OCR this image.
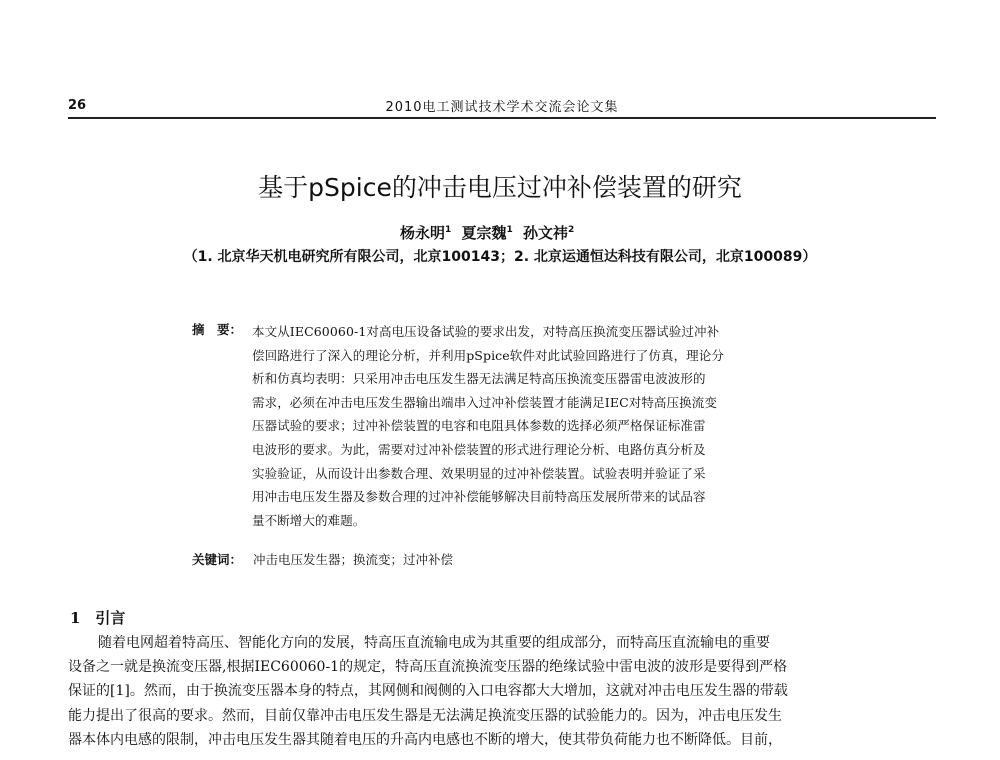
26	2010电工测试技术学术交流会论文集
基于pSpice的冲击电压过冲补偿装置的研究
杨永明$^1$ 夏宗魏$^1$ 孙文祎$^2$
（1. 北京华天机电研究所有限公司，北京100143；2. 北京运通恒达科技有限公司，北京100089）
摘　要： 本文从IEC60060-1对高电压设备试验的要求出发，对特高压换流变压器试验过冲补
偿回路进行了深入的理论分析，并利用pSpice软件对此试验回路进行了仿真，理论分
析和仿真均表明：只采用冲击电压发生器无法满足特高压换流变压器雷电波波形的
需求，必须在冲击电压发生器输出端串入过冲补偿装置才能满足IEC对特高压换流变
压器试验的要求；过冲补偿装置的电容和电阻具体参数的选择必须严格保证标准雷
电波形的要求。为此，需要对过冲补偿装置的形式进行理论分析、电路仿真分析及
实验验证，从而设计出参数合理、效果明显的过冲补偿装置。试验表明并验证了采
用冲击电压发生器及参数合理的过冲补偿能够解决目前特高压发展所带来的试品容
量不断增大的难题。
关键词： 冲击电压发生器；换流变；过冲补偿
1　引言
随着电网超着特高压、智能化方向的发展，特高压直流输电成为其重要的组成部分，而特高压直流输电的重要
设备之一就是换流变压器,根据IEC60060-1的规定，特高压直流换流变压器的绝缘试验中雷电波的波形是要得到严格
保证的[1]。然而，由于换流变压器本身的特点，其网侧和阀侧的入口电容都大大增加，这就对冲击电压发生器的带载
能力提出了很高的要求。然而，目前仅靠冲击电压发生器是无法满足换流变压器的试验能力的。因为，冲击电压发生
器本体内电感的限制，冲击电压发生器其随着电压的升高内电感也不断的增大，使其带负荷能力也不断降低。目前，
